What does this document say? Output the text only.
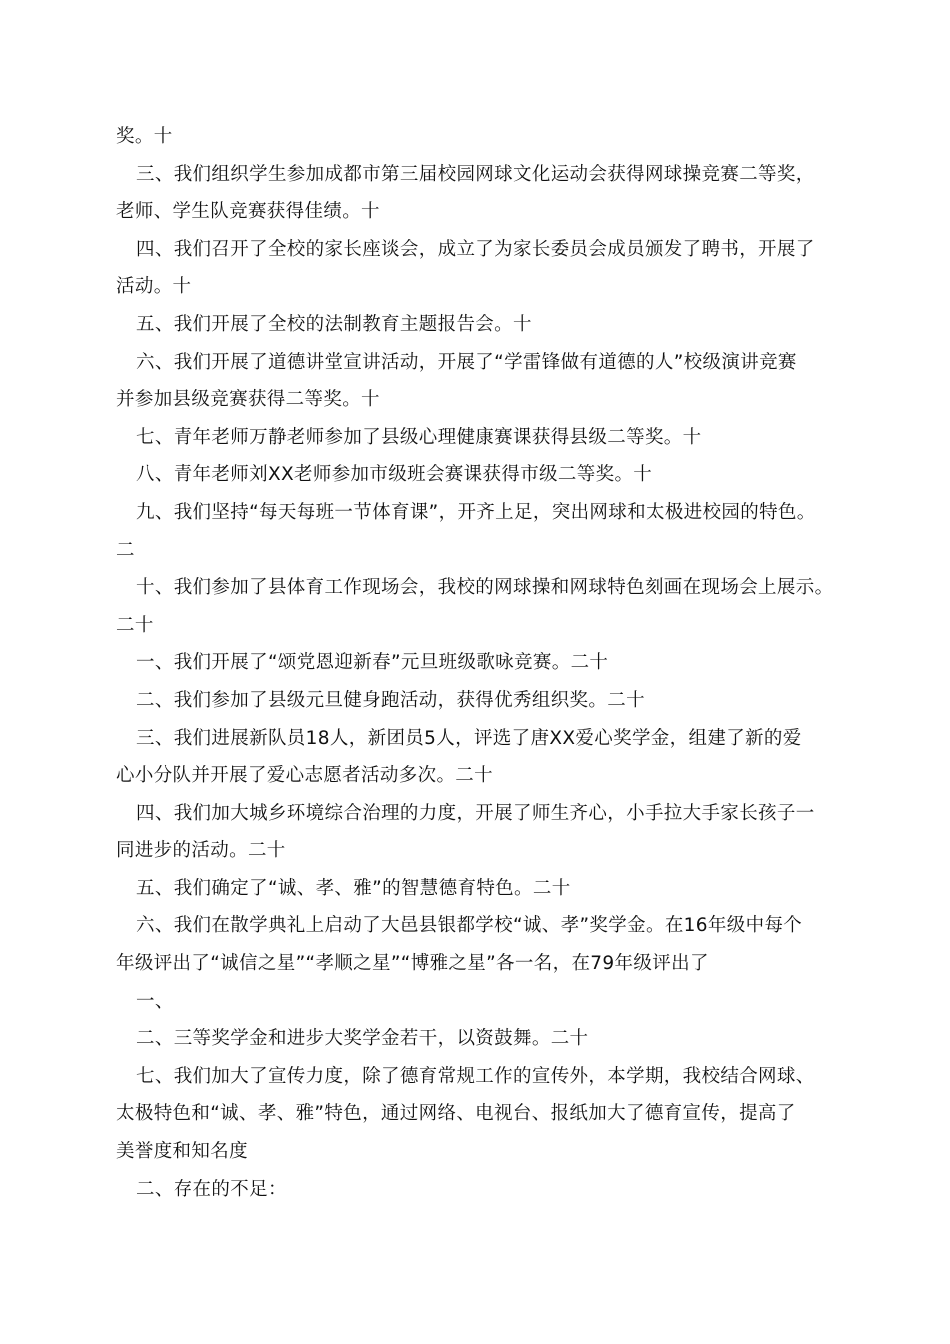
奖。十
三、我们组织学生参加成都市第三届校园网球文化运动会获得网球操竞赛二等奖，
老师、学生队竞赛获得佳绩。十
四、我们召开了全校的家长座谈会，成立了为家长委员会成员颁发了聘书，开展了
活动。十
五、我们开展了全校的法制教育主题报告会。十
六、我们开展了道德讲堂宣讲活动，开展了“学雷锋做有道德的人”校级演讲竞赛
并参加县级竞赛获得二等奖。十
七、青年老师万静老师参加了县级心理健康赛课获得县级二等奖。十
八、青年老师刘XX老师参加市级班会赛课获得市级二等奖。十
九、我们坚持“每天每班一节体育课”，开齐上足，突出网球和太极进校园的特色。
二
十、我们参加了县体育工作现场会，我校的网球操和网球特色刻画在现场会上展示。
二十
一、我们开展了“颂党恩迎新春”元旦班级歌咏竞赛。二十
二、我们参加了县级元旦健身跑活动，获得优秀组织奖。二十
三、我们进展新队员18人，新团员5人，评选了唐XX爱心奖学金，组建了新的爱
心小分队并开展了爱心志愿者活动多次。二十
四、我们加大城乡环境综合治理的力度，开展了师生齐心，小手拉大手家长孩子一
同进步的活动。二十
五、我们确定了“诚、孝、雅”的智慧德育特色。二十
六、我们在散学典礼上启动了大邑县银都学校“诚、孝”奖学金。在16年级中每个
年级评出了“诚信之星”“孝顺之星”“博雅之星”各一名，在79年级评出了
一、
二、三等奖学金和进步大奖学金若干，以资鼓舞。二十
七、我们加大了宣传力度，除了德育常规工作的宣传外，本学期，我校结合网球、
太极特色和“诚、孝、雅”特色，通过网络、电视台、报纸加大了德育宣传，提高了
美誉度和知名度
二、存在的不足：
